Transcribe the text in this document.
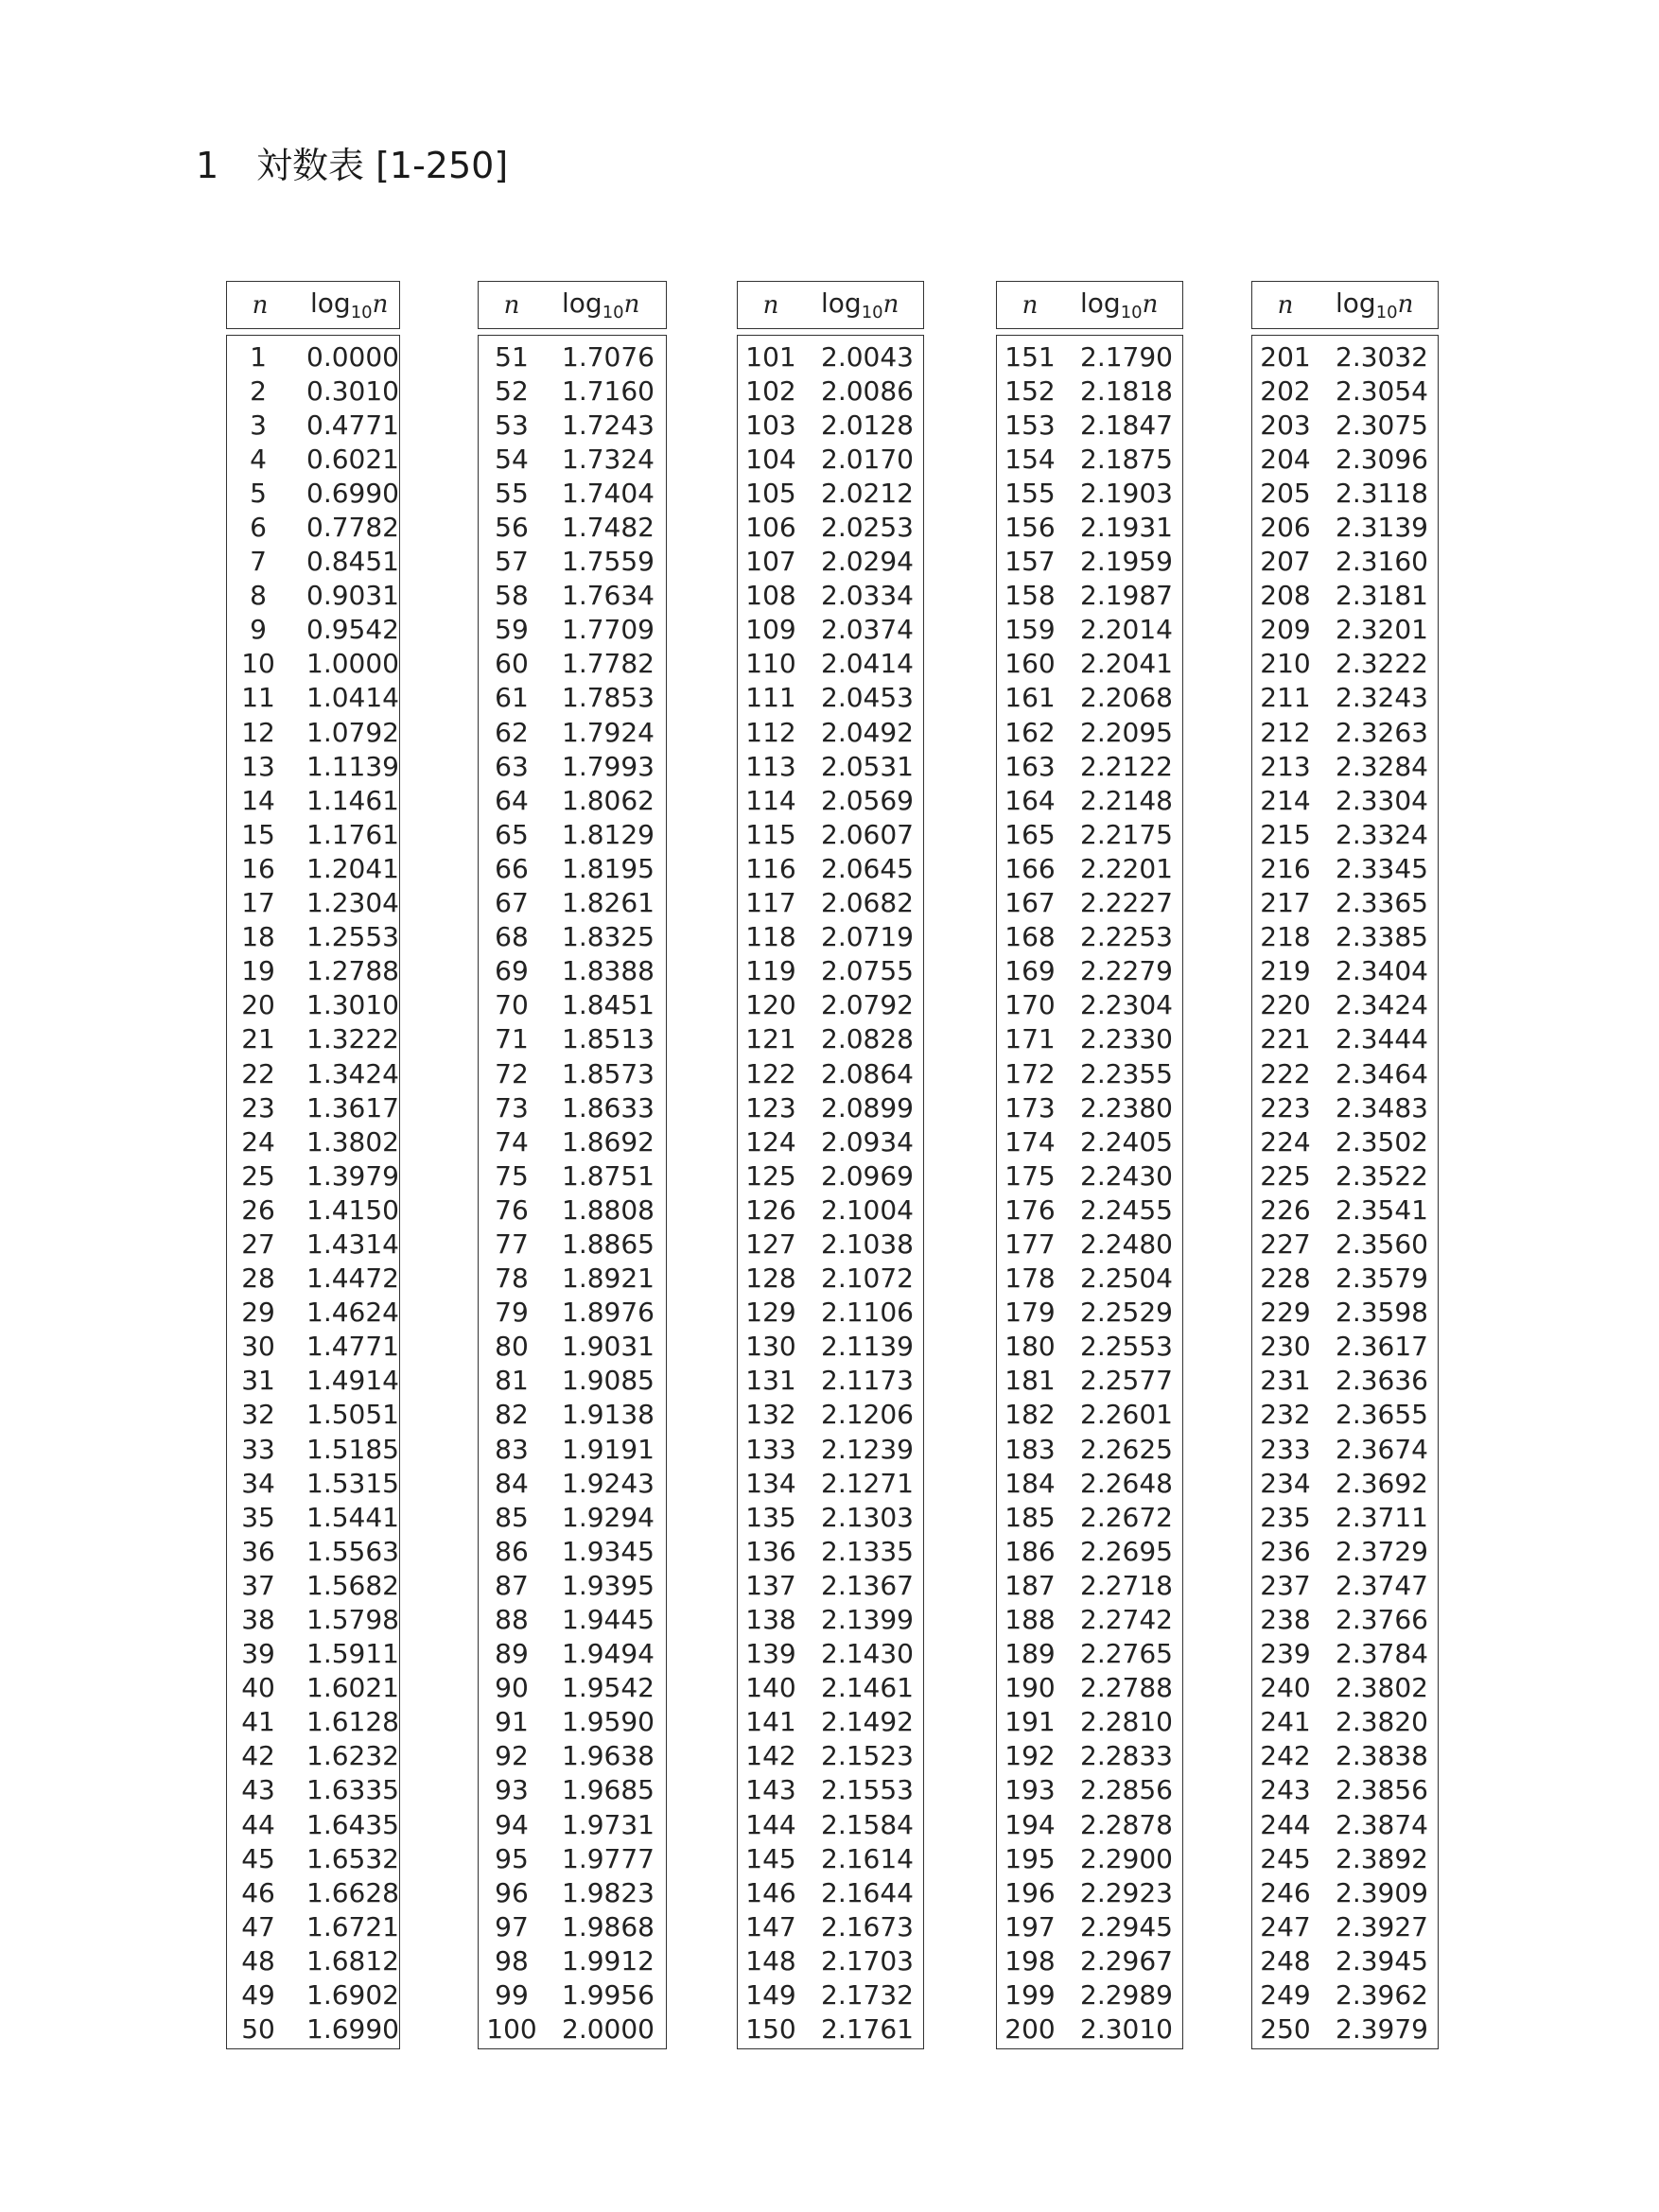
1 対数表 [1-250]
n	$\log_{10}n$
1	0.0000
2	0.3010
3	0.4771
4	0.6021
5	0.6990
6	0.7782
7	0.8451
8	0.9031
9	0.9542
10	1.0000
11	1.0414
12	1.0792
13	1.1139
14	1.1461
15	1.1761
16	1.2041
17	1.2304
18	1.2553
19	1.2788
20	1.3010
21	1.3222
22	1.3424
23	1.3617
24	1.3802
25	1.3979
26	1.4150
27	1.4314
28	1.4472
29	1.4624
30	1.4771
31	1.4914
32	1.5051
33	1.5185
34	1.5315
35	1.5441
36	1.5563
37	1.5682
38	1.5798
39	1.5911
40	1.6021
41	1.6128
42	1.6232
43	1.6335
44	1.6435
45	1.6532
46	1.6628
47	1.6721
48	1.6812
49	1.6902
50	1.6990
n	$\log_{10}n$
51	1.7076
52	1.7160
53	1.7243
54	1.7324
55	1.7404
56	1.7482
57	1.7559
58	1.7634
59	1.7709
60	1.7782
61	1.7853
62	1.7924
63	1.7993
64	1.8062
65	1.8129
66	1.8195
67	1.8261
68	1.8325
69	1.8388
70	1.8451
71	1.8513
72	1.8573
73	1.8633
74	1.8692
75	1.8751
76	1.8808
77	1.8865
78	1.8921
79	1.8976
80	1.9031
81	1.9085
82	1.9138
83	1.9191
84	1.9243
85	1.9294
86	1.9345
87	1.9395
88	1.9445
89	1.9494
90	1.9542
91	1.9590
92	1.9638
93	1.9685
94	1.9731
95	1.9777
96	1.9823
97	1.9868
98	1.9912
99	1.9956
100 2.0000
n	$\log_{10}n$
101 2.0043
102 2.0086
103 2.0128
104 2.0170
105 2.0212
106 2.0253
107 2.0294
108 2.0334
109 2.0374
110 2.0414
111 2.0453
112 2.0492
113 2.0531
114 2.0569
115 2.0607
116 2.0645
117 2.0682
118 2.0719
119 2.0755
120 2.0792
121 2.0828
122 2.0864
123 2.0899
124 2.0934
125 2.0969
126 2.1004
127 2.1038
128 2.1072
129 2.1106
130 2.1139
131 2.1173
132 2.1206
133 2.1239
134 2.1271
135 2.1303
136 2.1335
137 2.1367
138 2.1399
139 2.1430
140 2.1461
141 2.1492
142 2.1523
143 2.1553
144 2.1584
145 2.1614
146 2.1644
147 2.1673
148 2.1703
149 2.1732
150 2.1761
n	$\log_{10}n$
151 2.1790
152 2.1818
153 2.1847
154 2.1875
155 2.1903
156 2.1931
157 2.1959
158 2.1987
159 2.2014
160 2.2041
161 2.2068
162 2.2095
163 2.2122
164 2.2148
165 2.2175
166 2.2201
167 2.2227
168 2.2253
169 2.2279
170 2.2304
171 2.2330
172 2.2355
173 2.2380
174 2.2405
175 2.2430
176 2.2455
177 2.2480
178 2.2504
179 2.2529
180 2.2553
181 2.2577
182 2.2601
183 2.2625
184 2.2648
185 2.2672
186 2.2695
187 2.2718
188 2.2742
189 2.2765
190 2.2788
191 2.2810
192 2.2833
193 2.2856
194 2.2878
195 2.2900
196 2.2923
197 2.2945
198 2.2967
199 2.2989
200 2.3010
n	$\log_{10}n$
201 2.3032
202 2.3054
203 2.3075
204 2.3096
205 2.3118
206 2.3139
207 2.3160
208 2.3181
209 2.3201
210 2.3222
211 2.3243
212 2.3263
213 2.3284
214 2.3304
215 2.3324
216 2.3345
217 2.3365
218 2.3385
219 2.3404
220 2.3424
221 2.3444
222 2.3464
223 2.3483
224 2.3502
225 2.3522
226 2.3541
227 2.3560
228 2.3579
229 2.3598
230 2.3617
231 2.3636
232 2.3655
233 2.3674
234 2.3692
235 2.3711
236 2.3729
237 2.3747
238 2.3766
239 2.3784
240 2.3802
241 2.3820
242 2.3838
243 2.3856
244 2.3874
245 2.3892
246 2.3909
247 2.3927
248 2.3945
249 2.3962
250 2.3979
